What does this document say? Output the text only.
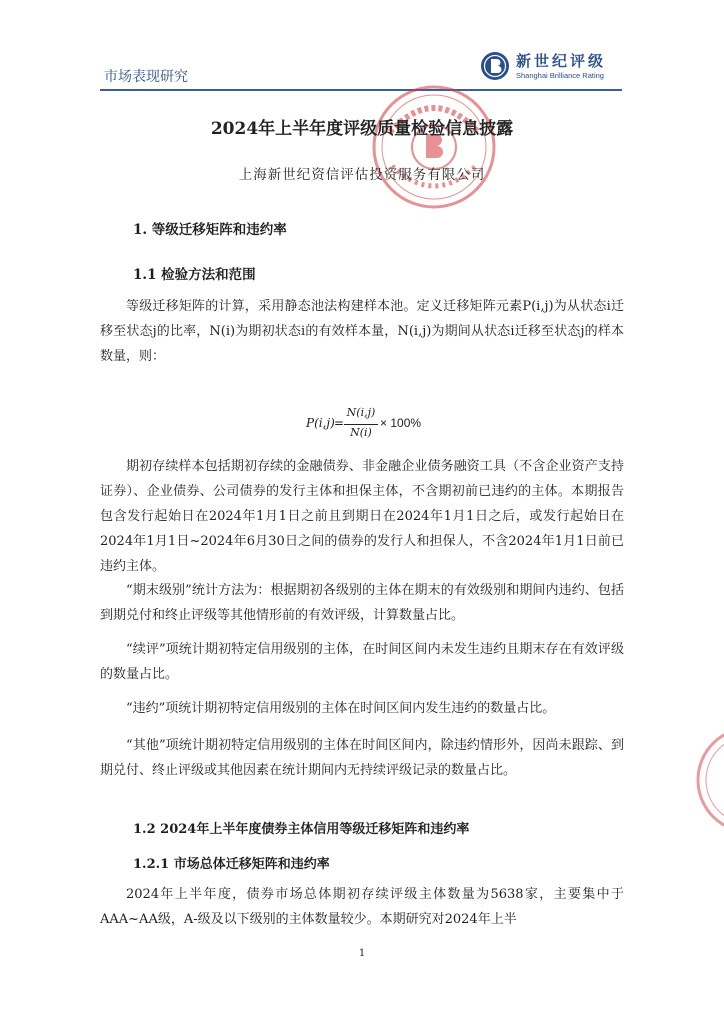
市场表现研究
新世纪评级
Shanghai Brilliance Rating
2024年上半年度评级质量检验信息披露
上海新世纪资信评估投资服务有限公司
1. 等级迁移矩阵和违约率
1.1 检验方法和范围

等级迁移矩阵的计算，采用静态池法构建样本池。定义迁移矩阵元素P(i,j)为从状态i迁移至状态j的比率，N(i)为期初状态i的有效样本量，N(i,j)为期间从状态i迁移至状态j的样本数量，则：

P(i,j) =
N(i,j)
N(i)
× 100%

期初存续样本包括期初存续的金融债券、非金融企业债务融资工具（不含企业资产支持证券）、企业债券、公司债券的发行主体和担保主体，不含期初前已违约的主体。本期报告包含发行起始日在2024年1月1日之前且到期日在2024年1月1日之后，或发行起始日在2024年1月1日~2024年6月30日之间的债券的发行人和担保人，不含2024年1月1日前已违约主体。

“期末级别”统计方法为：根据期初各级别的主体在期末的有效级别和期间内违约、包括到期兑付和终止评级等其他情形前的有效评级，计算数量占比。

“续评”项统计期初特定信用级别的主体，在时间区间内未发生违约且期末存在有效评级的数量占比。

“违约”项统计期初特定信用级别的主体在时间区间内发生违约的数量占比。

“其他”项统计期初特定信用级别的主体在时间区间内，除违约情形外，因尚未跟踪、到期兑付、终止评级或其他因素在统计期间内无持续评级记录的数量占比。

1.2 2024年上半年度债券主体信用等级迁移矩阵和违约率
1.2.1 市场总体迁移矩阵和违约率

2024年上半年度，债券市场总体期初存续评级主体数量为5638家，主要集中于AAA~AA级，A-级及以下级别的主体数量较少。本期研究对2024年上半

1
